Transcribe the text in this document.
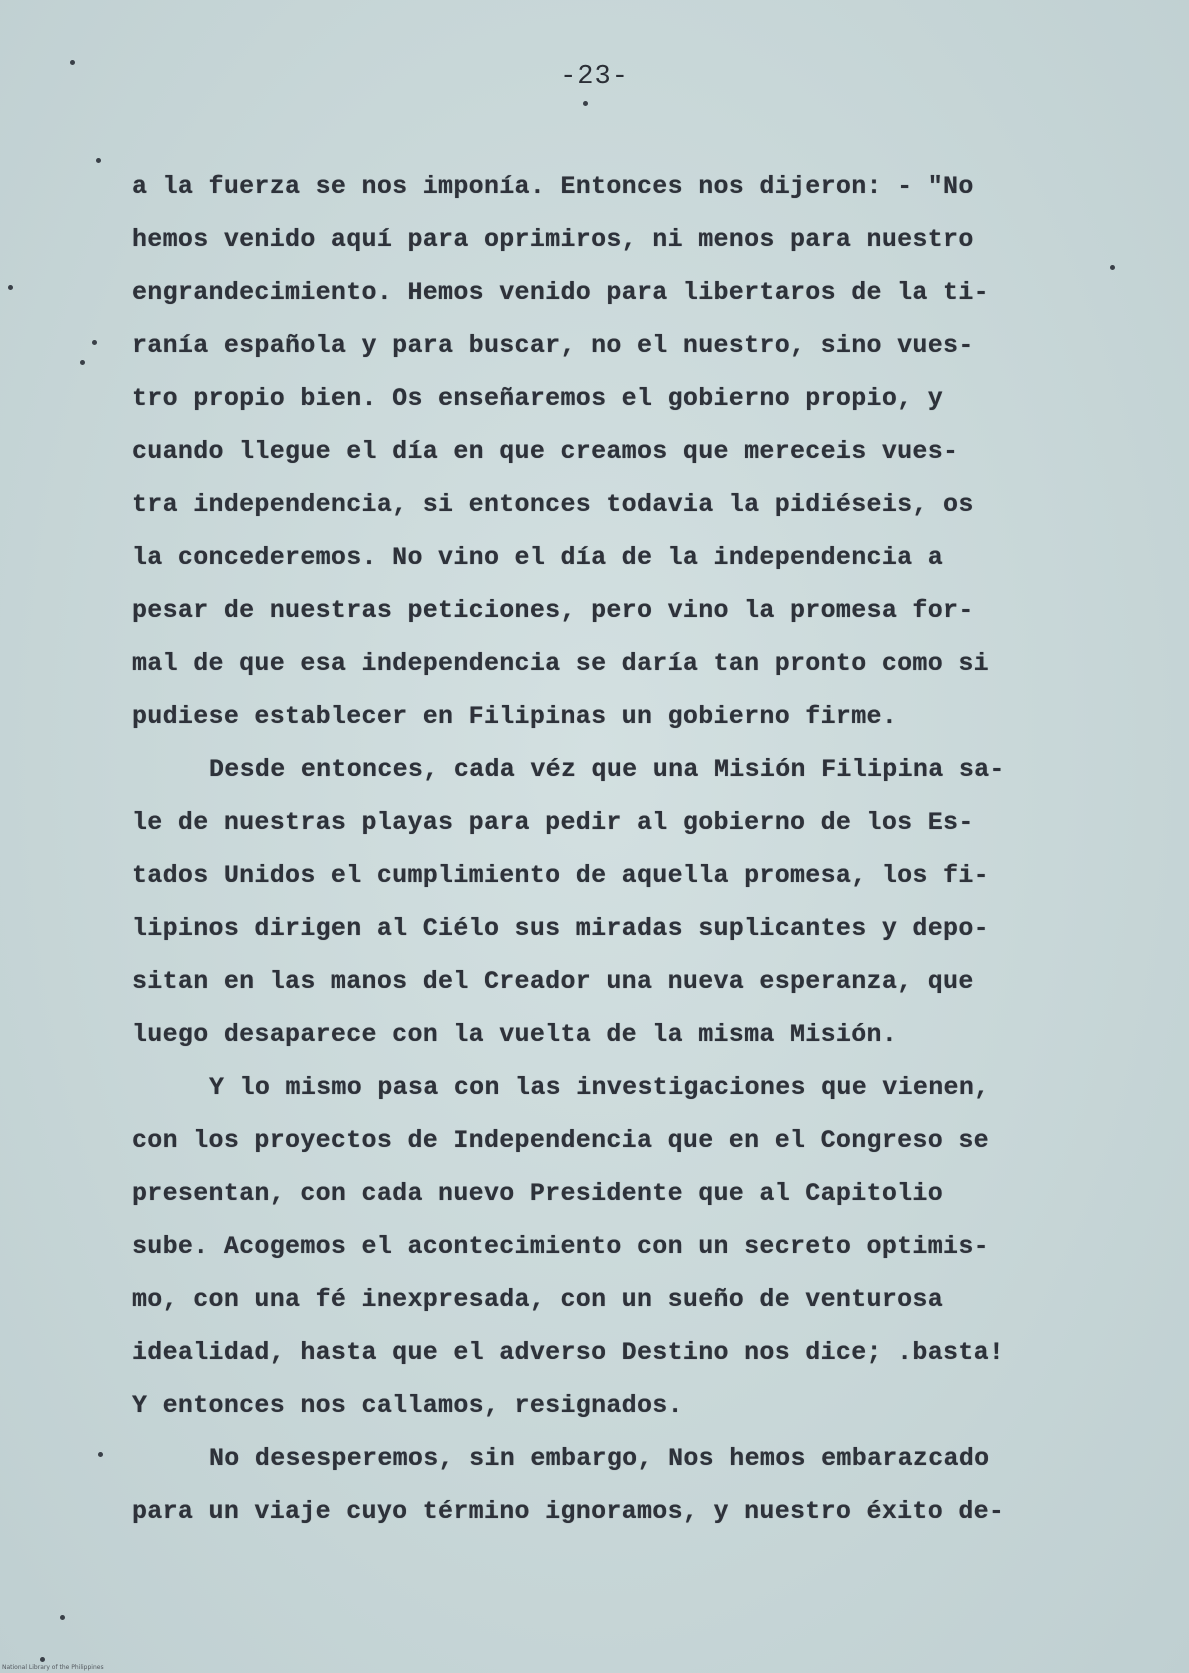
-23-
a la fuerza se nos imponía. Entonces nos dijeron: - "No
hemos venido aquí para oprimiros, ni menos para nuestro
engrandecimiento. Hemos venido para libertaros de la ti-
ranía española y para buscar, no el nuestro, sino vues-
tro propio bien. Os enseñaremos el gobierno propio, y
cuando llegue el día en que creamos que mereceis vues-
tra independencia, si entonces todavia la pidiéseis, os
la concederemos. No vino el día de la independencia a
pesar de nuestras peticiones, pero vino la promesa for-
mal de que esa independencia se daría tan pronto como si
pudiese establecer en Filipinas un gobierno firme.
Desde entonces, cada véz que una Misión Filipina sa-
le de nuestras playas para pedir al gobierno de los Es-
tados Unidos el cumplimiento de aquella promesa, los fi-
lipinos dirigen al Ciélo sus miradas suplicantes y depo-
sitan en las manos del Creador una nueva esperanza, que
luego desaparece con la vuelta de la misma Misión.
Y lo mismo pasa con las investigaciones que vienen,
con los proyectos de Independencia que en el Congreso se
presentan, con cada nuevo Presidente que al Capitolio
sube. Acogemos el acontecimiento con un secreto optimis-
mo, con una fé inexpresada, con un sueño de venturosa
idealidad, hasta que el adverso Destino nos dice; .basta!
Y entonces nos callamos, resignados.
No desesperemos, sin embargo, Nos hemos embarazcado
para un viaje cuyo término ignoramos, y nuestro éxito de-
National Library of the Philippines
